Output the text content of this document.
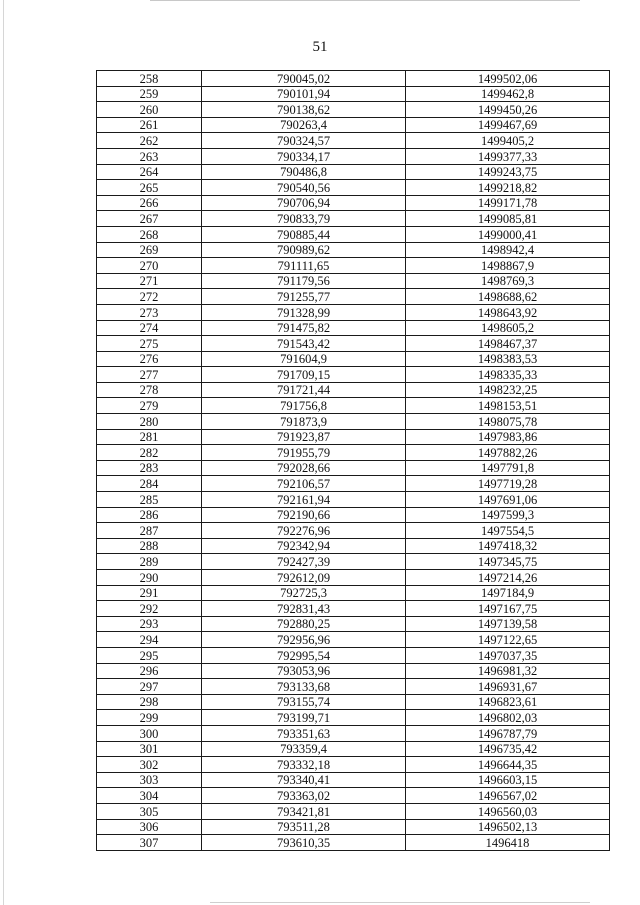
51
258	790045,02	1499502,06
259	790101,94	1499462,8
260	790138,62	1499450,26
261	790263,4	1499467,69
262	790324,57	1499405,2
263	790334,17	1499377,33
264	790486,8	1499243,75
265	790540,56	1499218,82
266	790706,94	1499171,78
267	790833,79	1499085,81
268	790885,44	1499000,41
269	790989,62	1498942,4
270	791111,65	1498867,9
271	791179,56	1498769,3
272	791255,77	1498688,62
273	791328,99	1498643,92
274	791475,82	1498605,2
275	791543,42	1498467,37
276	791604,9	1498383,53
277	791709,15	1498335,33
278	791721,44	1498232,25
279	791756,8	1498153,51
280	791873,9	1498075,78
281	791923,87	1497983,86
282	791955,79	1497882,26
283	792028,66	1497791,8
284	792106,57	1497719,28
285	792161,94	1497691,06
286	792190,66	1497599,3
287	792276,96	1497554,5
288	792342,94	1497418,32
289	792427,39	1497345,75
290	792612,09	1497214,26
291	792725,3	1497184,9
292	792831,43	1497167,75
293	792880,25	1497139,58
294	792956,96	1497122,65
295	792995,54	1497037,35
296	793053,96	1496981,32
297	793133,68	1496931,67
298	793155,74	1496823,61
299	793199,71	1496802,03
300	793351,63	1496787,79
301	793359,4	1496735,42
302	793332,18	1496644,35
303	793340,41	1496603,15
304	793363,02	1496567,02
305	793421,81	1496560,03
306	793511,28	1496502,13
307	793610,35	1496418
